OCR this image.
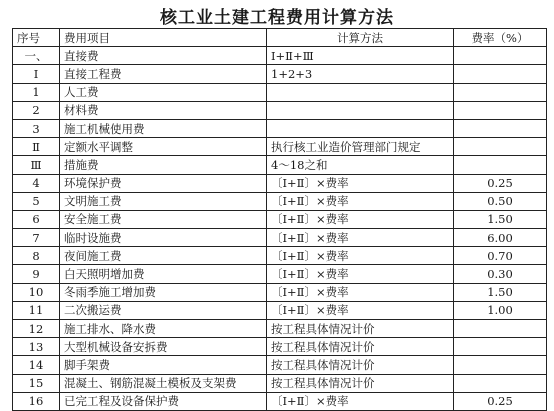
核工业土建工程费用计算方法
序号	费用项目	计算方法	费率（%）
一、	直接费	Ⅰ+Ⅱ+Ⅲ	
Ⅰ	直接工程费	1+2+3	
1	人工费		
2	材料费		
3	施工机械使用费		
Ⅱ	定额水平调整	执行核工业造价管理部门规定	
Ⅲ	措施费	4～18之和	
4	环境保护费	〔Ⅰ+Ⅱ〕×费率	0.25
5	文明施工费	〔Ⅰ+Ⅱ〕×费率	0.50
6	安全施工费	〔Ⅰ+Ⅱ〕×费率	1.50
7	临时设施费	〔Ⅰ+Ⅱ〕×费率	6.00
8	夜间施工费	〔Ⅰ+Ⅱ〕×费率	0.70
9	白天照明增加费	〔Ⅰ+Ⅱ〕×费率	0.30
10	冬雨季施工增加费	〔Ⅰ+Ⅱ〕×费率	1.50
11	二次搬运费	〔Ⅰ+Ⅱ〕×费率	1.00
12	施工排水、降水费	按工程具体情况计价	
13	大型机械设备安拆费	按工程具体情况计价	
14	脚手架费	按工程具体情况计价	
15	混凝土、钢筋混凝土模板及支架费	按工程具体情况计价	
16	已完工程及设备保护费	〔Ⅰ+Ⅱ〕×费率	0.25
